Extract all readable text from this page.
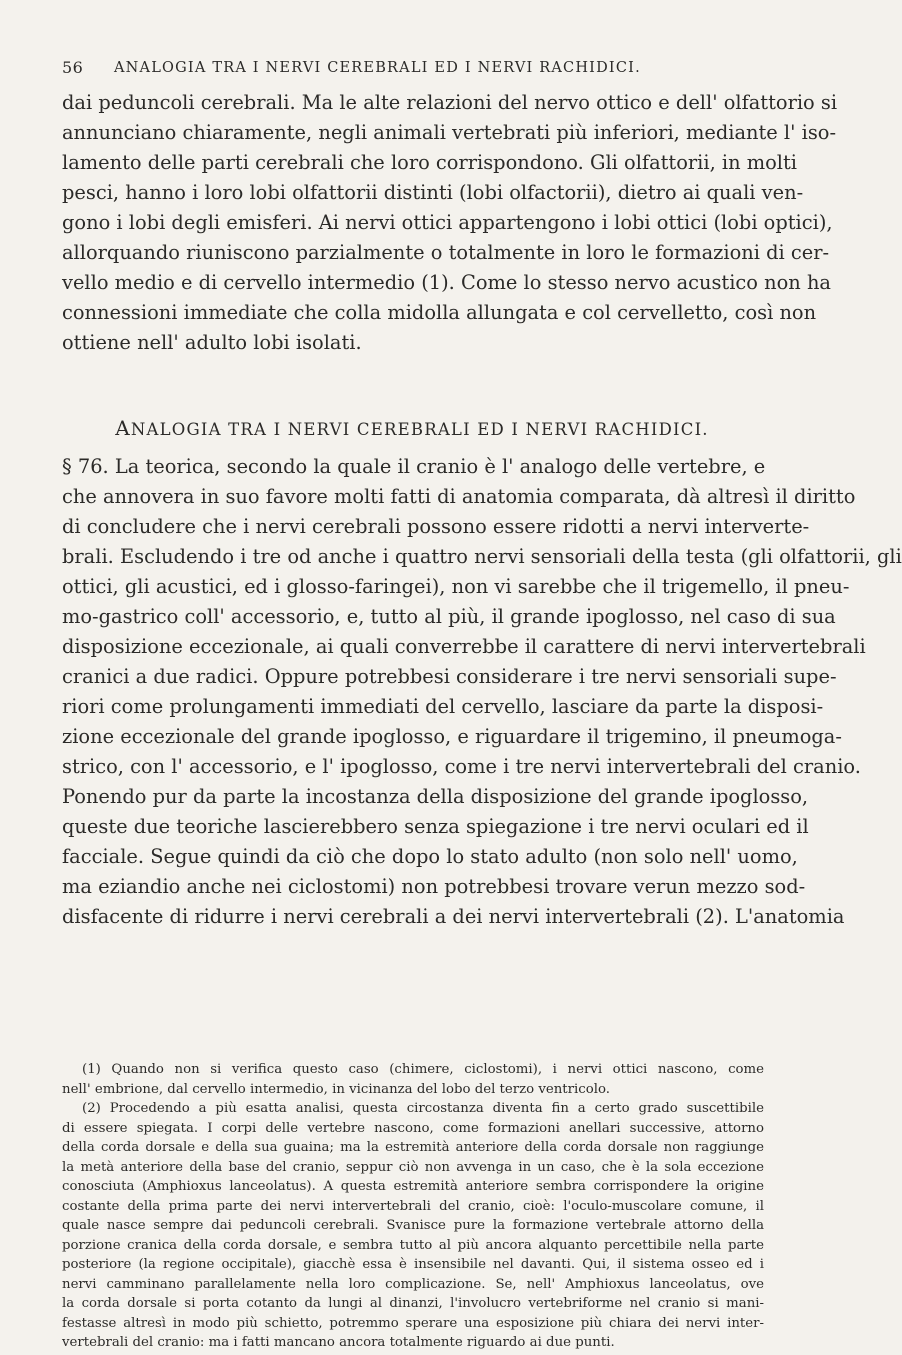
56 ANALOGIA TRA I NERVI CEREBRALI ED I NERVI RACHIDICI.
dai peduncoli cerebrali. Ma le alte relazioni del nervo ottico e dell' olfattorio si
annunciano chiaramente, negli animali vertebrati più inferiori, mediante l' iso-
lamento delle parti cerebrali che loro corrispondono. Gli olfattorii, in molti
pesci, hanno i loro lobi olfattorii distinti (lobi olfactorii), dietro ai quali ven-
gono i lobi degli emisferi. Ai nervi ottici appartengono i lobi ottici (lobi optici),
allorquando riuniscono parzialmente o totalmente in loro le formazioni di cer-
vello medio e di cervello intermedio (1). Come lo stesso nervo acustico non ha
connessioni immediate che colla midolla allungata e col cervelletto, così non
ottiene nell' adulto lobi isolati.
ANALOGIA TRA I NERVI CEREBRALI ED I NERVI RACHIDICI.
§ 76. La teorica, secondo la quale il cranio è l' analogo delle vertebre, e
che annovera in suo favore molti fatti di anatomia comparata, dà altresì il diritto
di concludere che i nervi cerebrali possono essere ridotti a nervi interverte-
brali. Escludendo i tre od anche i quattro nervi sensoriali della testa (gli olfattorii, gli
ottici, gli acustici, ed i glosso-faringei), non vi sarebbe che il trigemello, il pneu-
mo-gastrico coll' accessorio, e, tutto al più, il grande ipoglosso, nel caso di sua
disposizione eccezionale, ai quali converrebbe il carattere di nervi intervertebrali
cranici a due radici. Oppure potrebbesi considerare i tre nervi sensoriali supe-
riori come prolungamenti immediati del cervello, lasciare da parte la disposi-
zione eccezionale del grande ipoglosso, e riguardare il trigemino, il pneumoga-
strico, con l' accessorio, e l' ipoglosso, come i tre nervi intervertebrali del cranio.
Ponendo pur da parte la incostanza della disposizione del grande ipoglosso,
queste due teoriche lascierebbero senza spiegazione i tre nervi oculari ed il
facciale. Segue quindi da ciò che dopo lo stato adulto (non solo nell' uomo,
ma eziandio anche nei ciclostomi) non potrebbesi trovare verun mezzo sod-
disfacente di ridurre i nervi cerebrali a dei nervi intervertebrali (2). L'anatomia
(1) Quando non si verifica questo caso (chimere, ciclostomi), i nervi ottici nascono, come
nell' embrione, dal cervello intermedio, in vicinanza del lobo del terzo ventricolo.
(2) Procedendo a più esatta analisi, questa circostanza diventa fin a certo grado suscettibile
di essere spiegata. I corpi delle vertebre nascono, come formazioni anellari successive, attorno
della corda dorsale e della sua guaina; ma la estremità anteriore della corda dorsale non raggiunge
la metà anteriore della base del cranio, seppur ciò non avvenga in un caso, che è la sola eccezione
conosciuta (Amphioxus lanceolatus). A questa estremità anteriore sembra corrispondere la origine
costante della prima parte dei nervi intervertebrali del cranio, cioè: l'oculo-muscolare comune, il
quale nasce sempre dai peduncoli cerebrali. Svanisce pure la formazione vertebrale attorno della
porzione cranica della corda dorsale, e sembra tutto al più ancora alquanto percettibile nella parte
posteriore (la regione occipitale), giacchè essa è insensibile nel davanti. Qui, il sistema osseo ed i
nervi camminano parallelamente nella loro complicazione. Se, nell' Amphioxus lanceolatus, ove
la corda dorsale si porta cotanto da lungi al dinanzi, l'involucro vertebriforme nel cranio si mani-
festasse altresì in modo più schietto, potremmo sperare una esposizione più chiara dei nervi inter-
vertebrali del cranio: ma i fatti mancano ancora totalmente riguardo ai due punti.
